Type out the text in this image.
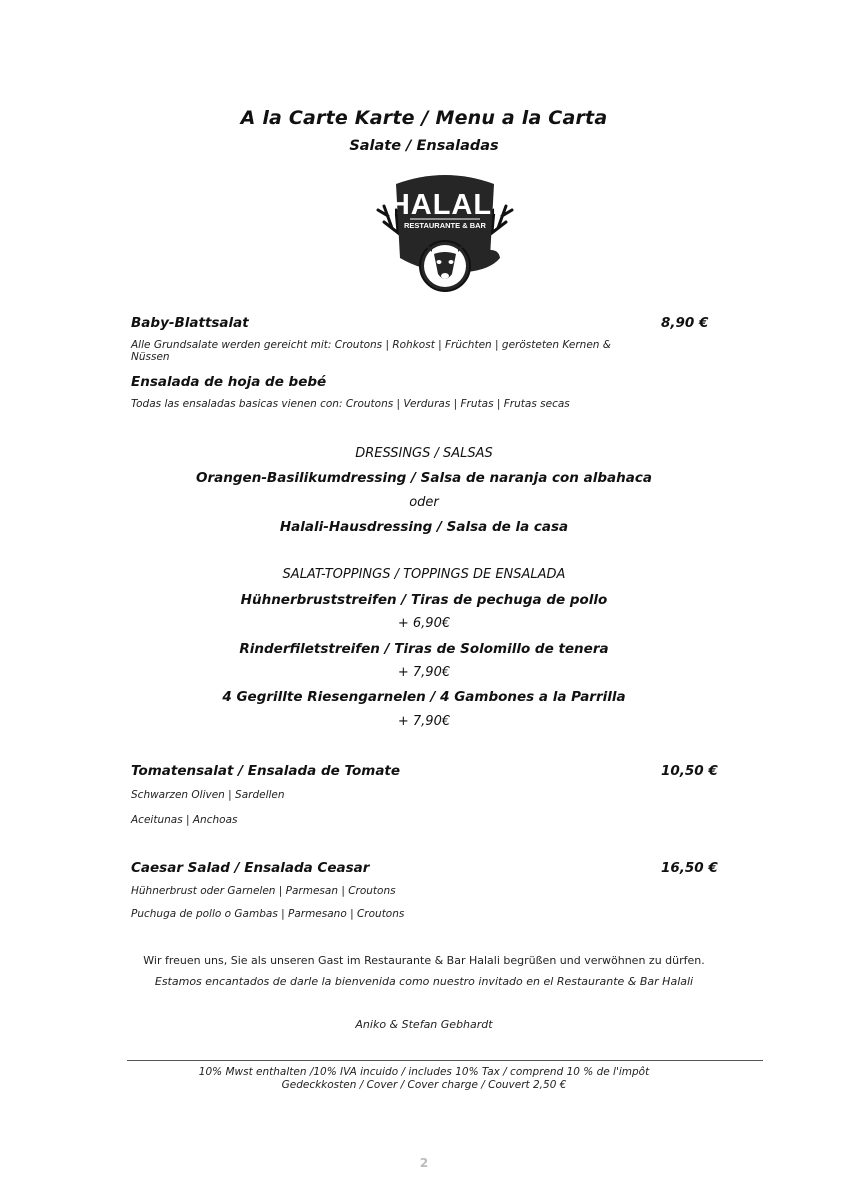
A la Carte Karte / Menu a la Carta
Salate / Ensaladas
HALALI
RESTAURANTE & BAR
Baby-Blattsalat	8,90 €
Alle Grundsalate werden gereicht mit: Croutons | Rohkost | Früchten | gerösteten Kernen &
Nüssen
Ensalada de hoja de bebé
Todas las ensaladas basicas vienen con: Croutons | Verduras | Frutas | Frutas secas
DRESSINGS / SALSAS
Orangen-Basilikumdressing / Salsa de naranja con albahaca
oder
Halali-Hausdressing / Salsa de la casa
SALAT-TOPPINGS / TOPPINGS DE ENSALADA
Hühnerbruststreifen / Tiras de pechuga de pollo
+ 6,90€
Rinderfiletstreifen / Tiras de Solomillo de tenera
+ 7,90€
4 Gegrillte Riesengarnelen / 4 Gambones a la Parrilla
+ 7,90€
Tomatensalat / Ensalada de Tomate	10,50 €
Schwarzen Oliven | Sardellen
Aceitunas | Anchoas
Caesar Salad / Ensalada Ceasar	16,50 €
Hühnerbrust oder Garnelen | Parmesan | Croutons
Puchuga de pollo o Gambas | Parmesano | Croutons
Wir freuen uns, Sie als unseren Gast im Restaurante & Bar Halali begrüßen und verwöhnen zu dürfen.
Estamos encantados de darle la bienvenida como nuestro invitado en el Restaurante & Bar Halali
Aniko & Stefan Gebhardt
10% Mwst enthalten /10% IVA incuido / includes 10% Tax / comprend 10 % de l'impôt
Gedeckkosten / Cover / Cover charge / Couvert 2,50 €
2
